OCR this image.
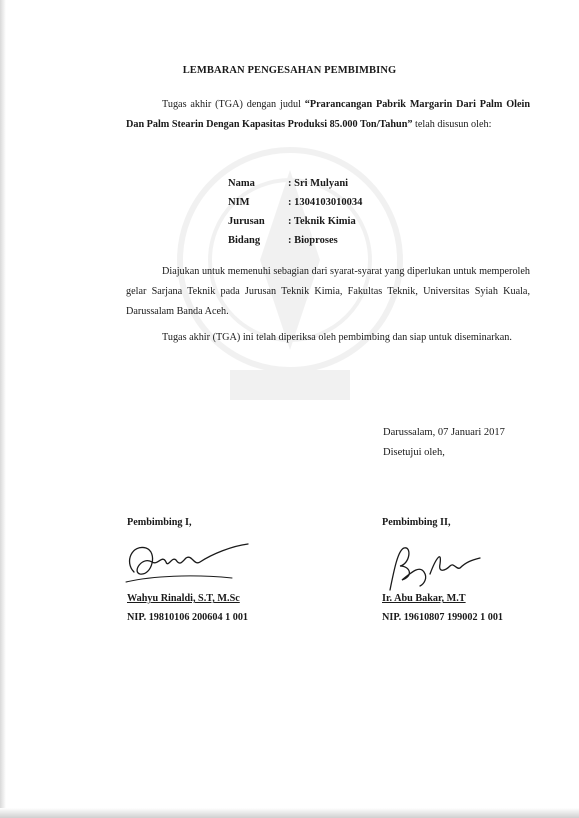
LEMBARAN PENGESAHAN PEMBIMBING
Tugas akhir (TGA) dengan judul “Prarancangan Pabrik Margarin Dari Palm Olein Dan Palm Stearin Dengan Kapasitas Produksi 85.000 Ton/Tahun” telah disusun oleh:
Nama	: Sri Mulyani
NIM	: 1304103010034
Jurusan	: Teknik Kimia
Bidang	: Bioproses
Diajukan untuk memenuhi sebagian dari syarat-syarat yang diperlukan untuk memperoleh gelar Sarjana Teknik pada Jurusan Teknik Kimia, Fakultas Teknik, Universitas Syiah Kuala, Darussalam Banda Aceh.
Tugas akhir (TGA) ini telah diperiksa oleh pembimbing dan siap untuk diseminarkan.
Darussalam, 07 Januari 2017
Disetujui oleh,
Pembimbing I,	Pembimbing II,
Wahyu Rinaldi, S.T, M.Sc	Ir. Abu Bakar, M.T
NIP. 19810106 200604 1 001	NIP. 19610807 199002 1 001
